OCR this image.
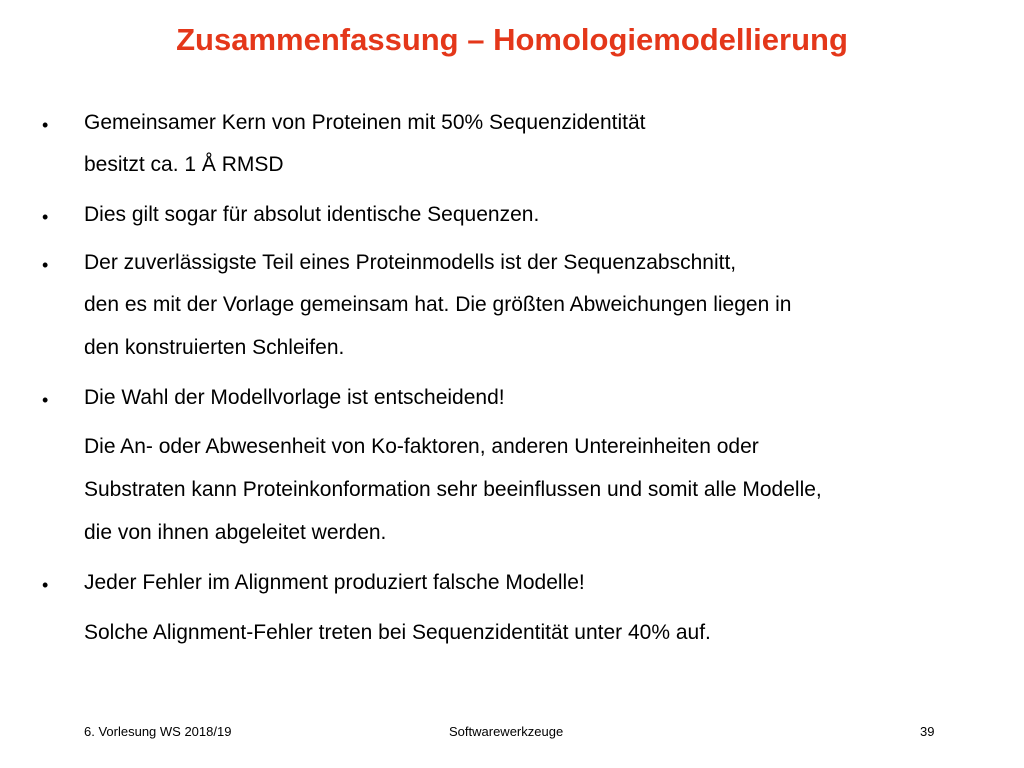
Zusammenfassung – Homologiemodellierung
• Gemeinsamer Kern von Proteinen mit 50% Sequenzidentität
besitzt ca. 1 Å RMSD
• Dies gilt sogar für absolut identische Sequenzen.
• Der zuverlässigste Teil eines Proteinmodells ist der Sequenzabschnitt,
den es mit der Vorlage gemeinsam hat. Die größten Abweichungen liegen in
den konstruierten Schleifen.
• Die Wahl der Modellvorlage ist entscheidend!
Die An- oder Abwesenheit von Ko-faktoren, anderen Untereinheiten oder
Substraten kann Proteinkonformation sehr beeinflussen und somit alle Modelle,
die von ihnen abgeleitet werden.
• Jeder Fehler im Alignment produziert falsche Modelle!
Solche Alignment-Fehler treten bei Sequenzidentität unter 40% auf.
6. Vorlesung WS 2018/19	Softwarewerkzeuge	39
